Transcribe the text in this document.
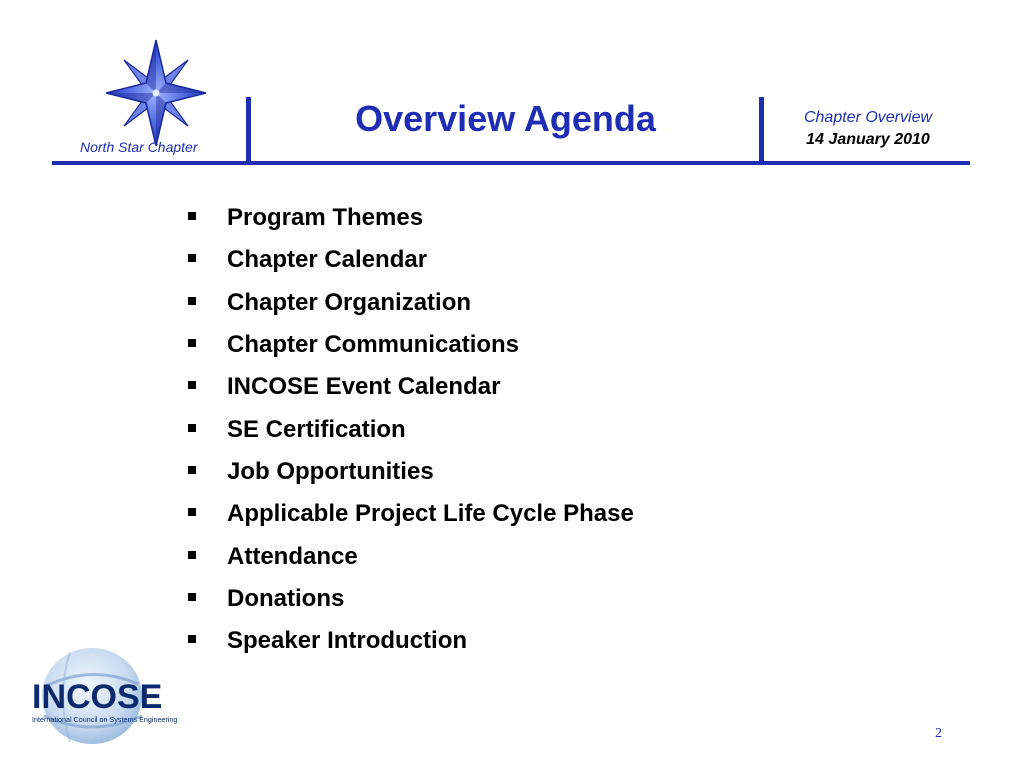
North Star Chapter
Overview Agenda	Chapter Overview
14 January 2010
Program Themes
Chapter Calendar
Chapter Organization
Chapter Communications
INCOSE Event Calendar
SE Certification
Job Opportunities
Applicable Project Life Cycle Phase
Attendance
Donations
Speaker Introduction
INCOSE
International Council on Systems Engineering
2
